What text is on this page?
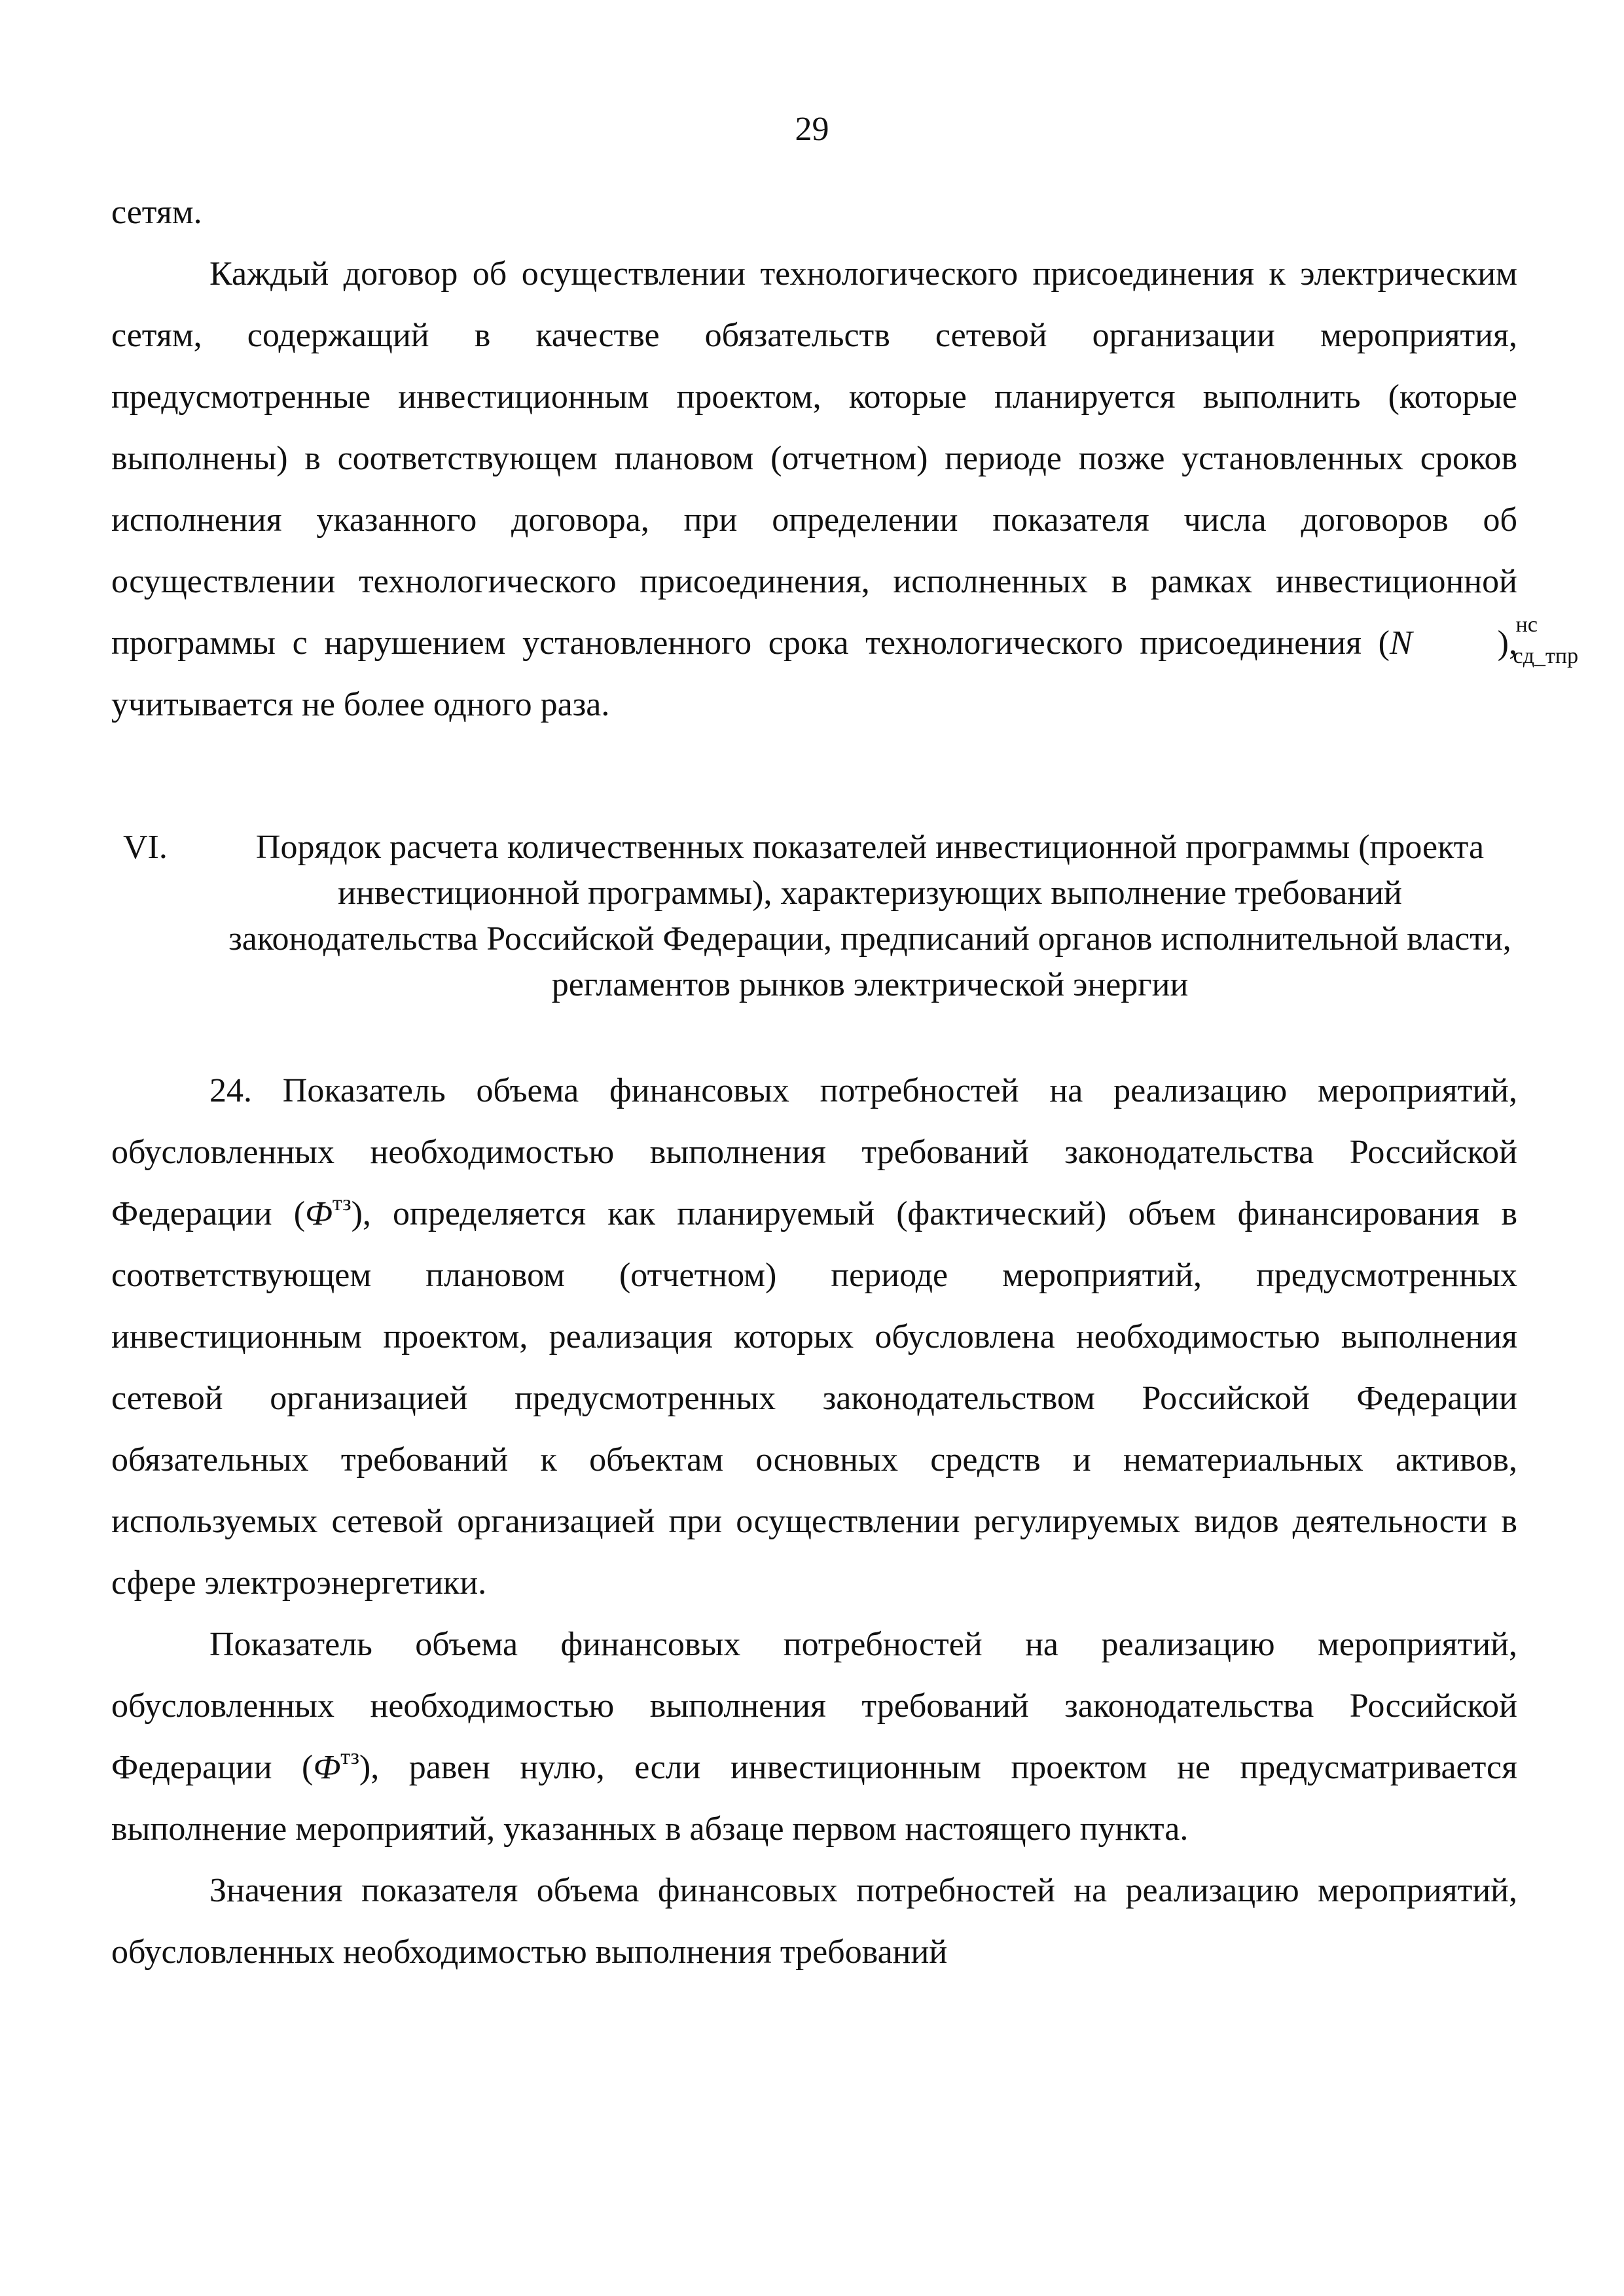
29

сетям.

Каждый договор об осуществлении технологического присоединения к электрическим сетям, содержащий в качестве обязательств сетевой организации мероприятия, предусмотренные инвестиционным проектом, которые планируется выполнить (которые выполнены) в соответствующем плановом (отчетном) периоде позже установленных сроков исполнения указанного договора, при определении показателя числа договоров об осуществлении технологического присоединения, исполненных в рамках инвестиционной программы с нарушением установленного срока технологического присоединения (N	нс
сд_тпр
), учитывается не более одного раза.

VI.	Порядок расчета количественных показателей инвестиционной программы (проекта инвестиционной программы), характеризующих выполнение требований законодательства Российской Федерации, предписаний органов исполнительной власти, регламентов рынков электрической энергии

24. Показатель объема финансовых потребностей на реализацию мероприятий, обусловленных необходимостью выполнения требований законодательства Российской Федерации $(Ф^{тз})$, определяется как планируемый (фактический) объем финансирования в соответствующем плановом (отчетном) периоде мероприятий, предусмотренных инвестиционным проектом, реализация которых обусловлена необходимостью выполнения сетевой организацией предусмотренных законодательством Российской Федерации обязательных требований к объектам основных средств и нематериальных активов, используемых сетевой организацией при осуществлении регулируемых видов деятельности в сфере электроэнергетики.

Показатель объема финансовых потребностей на реализацию мероприятий, обусловленных необходимостью выполнения требований законодательства Российской Федерации $(Ф^{тз})$, равен нулю, если инвестиционным проектом не предусматривается выполнение мероприятий, указанных в абзаце первом настоящего пункта.

Значения показателя объема финансовых потребностей на реализацию мероприятий, обусловленных необходимостью выполнения требований
